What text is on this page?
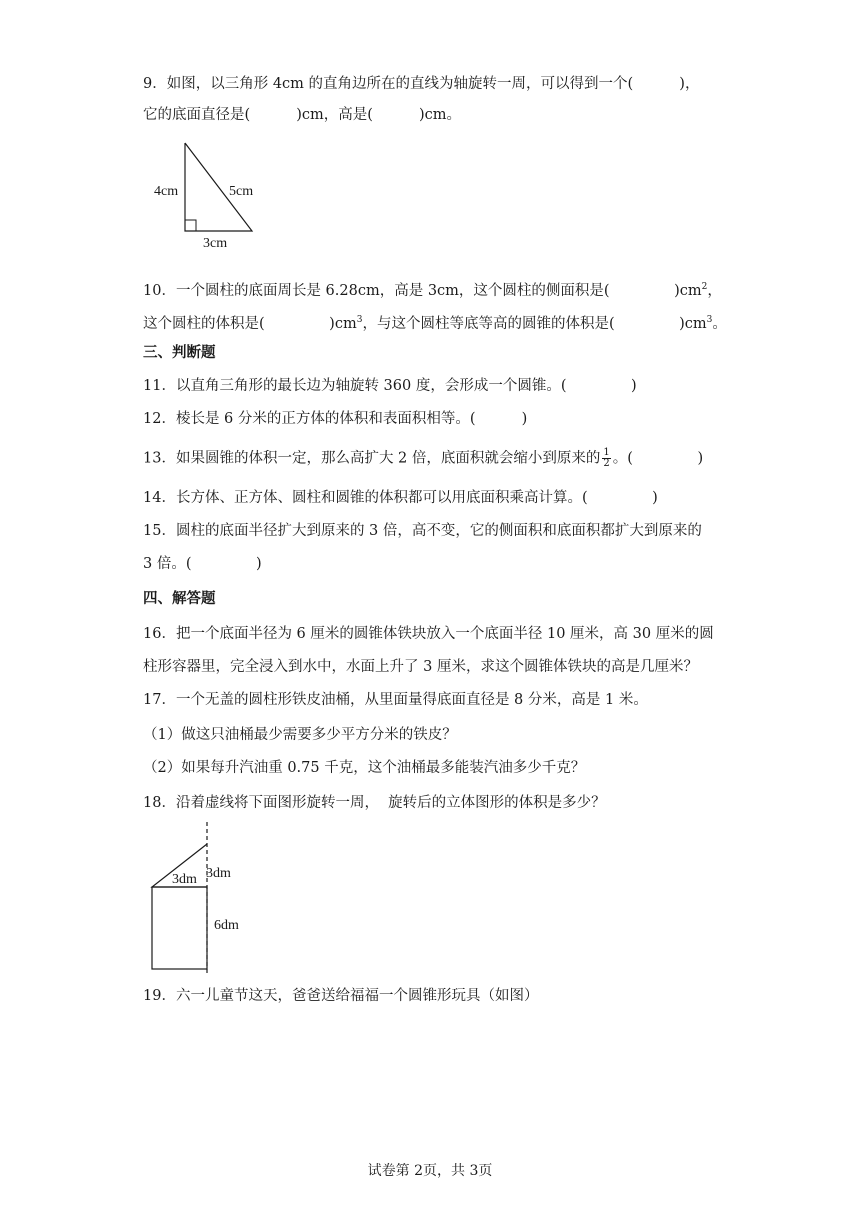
9．如图，以三角形 4cm 的直角边所在的直线为轴旋转一周，可以得到一个(          )，
它的底面直径是(          )cm，高是(          )cm。
4cm	5cm
3cm
10．一个圆柱的底面周长是 6.28cm，高是 3cm，这个圆柱的侧面积是(              )$cm^2$，
这个圆柱的体积是(              )$cm^3$，与这个圆柱等底等高的圆锥的体积是(              )$cm^3$。
三、判断题
11．以直角三角形的最长边为轴旋转 360 度，会形成一个圆锥。(              )
12．棱长是 6 分米的正方体的体积和表面积相等。(          )
13．如果圆锥的体积一定，那么高扩大 2 倍，底面积就会缩小到原来的 $\frac{1}{2}$ 。(              )
14．长方体、正方体、圆柱和圆锥的体积都可以用底面积乘高计算。(              )
15．圆柱的底面半径扩大到原来的 3 倍，高不变，它的侧面积和底面积都扩大到原来的
3 倍。(              )
四、解答题
16．把一个底面半径为 6 厘米的圆锥体铁块放入一个底面半径 10 厘米，高 30 厘米的圆
柱形容器里，完全浸入到水中，水面上升了 3 厘米，求这个圆锥体铁块的高是几厘米？
17．一个无盖的圆柱形铁皮油桶，从里面量得底面直径是 8 分米，高是 1 米。
（1）做这只油桶最少需要多少平方分米的铁皮？
（2）如果每升汽油重 0.75 千克，这个油桶最多能装汽油多少千克？
18．沿着虚线将下面图形旋转一周，  旋转后的立体图形的体积是多少？
3dm 3dm
6dm
19．六一儿童节这天，爸爸送给福福一个圆锥形玩具（如图）
试卷第 2页，共 3页
